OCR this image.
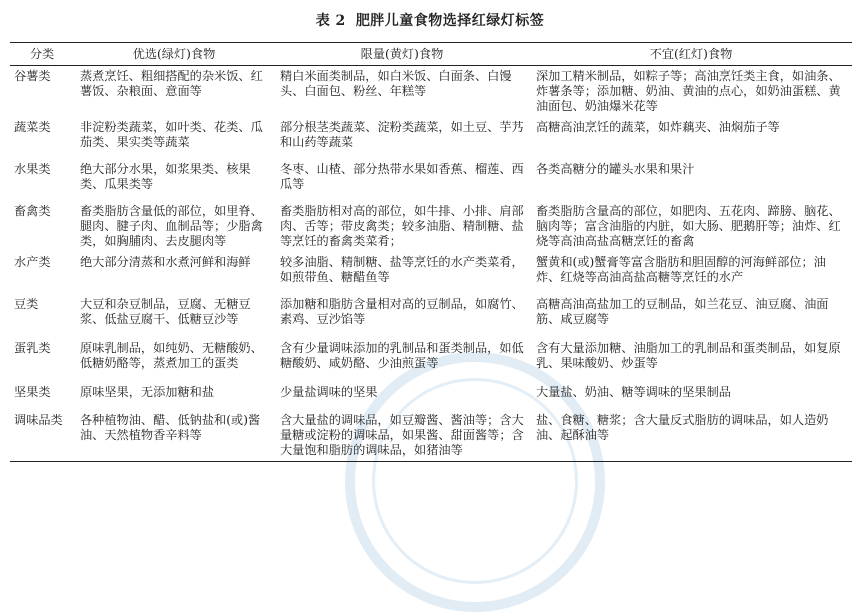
表 2 肥胖儿童食物选择红绿灯标签
分类	优选(绿灯)食物	限量(黄灯)食物	不宜(红灯)食物
谷薯类	蒸煮烹饪、粗细搭配的杂米饭、红薯饭、杂粮面、意面等	精白米面类制品，如白米饭、白面条、白馒头、白面包、粉丝、年糕等	深加工精米制品，如粽子等；高油烹饪类主食，如油条、炸薯条等；添加糖、奶油、黄油的点心，如奶油蛋糕、黄油面包、奶油爆米花等
蔬菜类	非淀粉类蔬菜，如叶类、花类、瓜茄类、果实类等蔬菜	部分根茎类蔬菜、淀粉类蔬菜，如土豆、芋艿和山药等蔬菜	高糖高油烹饪的蔬菜，如炸藕夹、油焖茄子等
水果类	绝大部分水果，如浆果类、核果类、瓜果类等	冬枣、山楂、部分热带水果如香蕉、榴莲、西瓜等	各类高糖分的罐头水果和果汁
畜禽类	畜类脂肪含量低的部位，如里脊、腿肉、腱子肉、血制品等；少脂禽类，如胸脯肉、去皮腿肉等	畜类脂肪相对高的部位，如牛排、小排、肩部肉、舌等；带皮禽类；较多油脂、精制糖、盐等烹饪的畜禽类菜肴；	畜类脂肪含量高的部位，如肥肉、五花肉、蹄膀、脑花、脑肉等；富含油脂的内脏，如大肠、肥鹅肝等；油炸、红烧等高油高盐高糖烹饪的畜禽
水产类	绝大部分清蒸和水煮河鲜和海鲜	较多油脂、精制糖、盐等烹饪的水产类菜肴，如煎带鱼、糖醋鱼等	蟹黄和(或)蟹膏等富含脂肪和胆固醇的河海鲜部位；油炸、红烧等高油高盐高糖等烹饪的水产
豆类	大豆和杂豆制品，豆腐、无糖豆浆、低盐豆腐干、低糖豆沙等	添加糖和脂肪含量相对高的豆制品，如腐竹、素鸡、豆沙馅等	高糖高油高盐加工的豆制品，如兰花豆、油豆腐、油面筋、咸豆腐等
蛋乳类	原味乳制品，如纯奶、无糖酸奶、低糖奶酪等，蒸煮加工的蛋类	含有少量调味添加的乳制品和蛋类制品，如低糖酸奶、咸奶酪、少油煎蛋等	含有大量添加糖、油脂加工的乳制品和蛋类制品，如复原乳、果味酸奶、炒蛋等
坚果类	原味坚果，无添加糖和盐	少量盐调味的坚果	大量盐、奶油、糖等调味的坚果制品
调味品类	各种植物油、醋、低钠盐和(或)酱油、天然植物香辛料等	含大量盐的调味品，如豆瓣酱、酱油等；含大量糖或淀粉的调味品，如果酱、甜面酱等；含大量饱和脂肪的调味品，如猪油等	盐、食糖、糖浆；含大量反式脂肪的调味品，如人造奶油、起酥油等
